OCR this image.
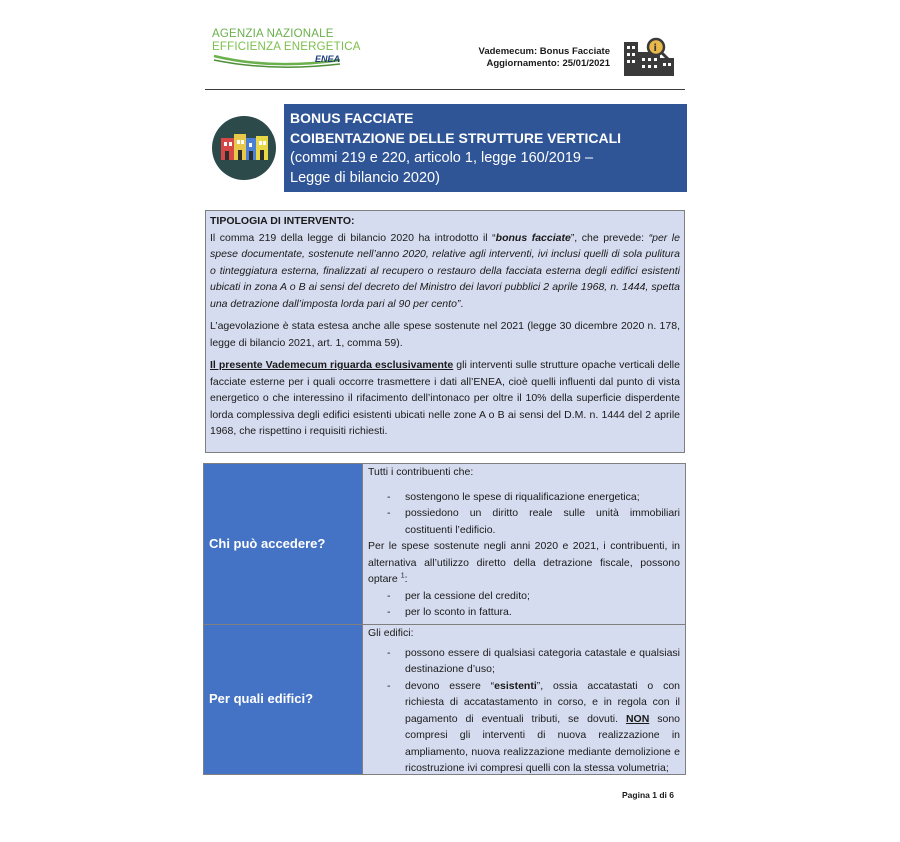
AGENZIA NAZIONALE
EFFICIENZA ENERGETICA
ENEA
Vademecum: Bonus Facciate
Aggiornamento: 25/01/2021
i
BONUS FACCIATE
COIBENTAZIONE DELLE STRUTTURE VERTICALI
(commi 219 e 220, articolo 1, legge 160/2019 –
Legge di bilancio 2020)

TIPOLOGIA DI INTERVENTO:

Il comma 219 della legge di bilancio 2020 ha introdotto il “bonus facciate”, che prevede: “per le spese documentate, sostenute nell’anno 2020, relative agli interventi, ivi inclusi quelli di sola pulitura o tinteggiatura esterna, finalizzati al recupero o restauro della facciata esterna degli edifici esistenti ubicati in zona A o B ai sensi del decreto del Ministro dei lavori pubblici 2 aprile 1968, n. 1444, spetta una detrazione dall’imposta lorda pari al 90 per cento”.

L’agevolazione è stata estesa anche alle spese sostenute nel 2021 (legge 30 dicembre 2020 n. 178, legge di bilancio 2021, art. 1, comma 59).

Il presente Vademecum riguarda esclusivamente gli interventi sulle strutture opache verticali delle facciate esterne per i quali occorre trasmettere i dati all’ENEA, cioè quelli influenti dal punto di vista energetico o che interessino il rifacimento dell’intonaco per oltre il 10% della superficie disperdente lorda complessiva degli edifici esistenti ubicati nelle zone A o B ai sensi del D.M. n. 1444 del 2 aprile 1968, che rispettino i requisiti richiesti.

Chi può accedere?

Tutti i contribuenti che:

- sostengono le spese di riqualificazione energetica;
- possiedono un diritto reale sulle unità immobiliari costituenti l’edificio.

Per le spese sostenute negli anni 2020 e 2021, i contribuenti, in alternativa all’utilizzo diretto della detrazione fiscale, possono optare $^1$:

- per la cessione del credito;
- per lo sconto in fattura.
Per quali edifici?

Gli edifici:

- possono essere di qualsiasi categoria catastale e qualsiasi destinazione d’uso;
- devono essere “esistenti”, ossia accatastati o con richiesta di accatastamento in corso, e in regola con il pagamento di eventuali tributi, se dovuti. NON sono compresi gli interventi di nuova realizzazione in ampliamento, nuova realizzazione mediante demolizione e ricostruzione ivi compresi quelli con la stessa volumetria;
Pagina 1 di 6
